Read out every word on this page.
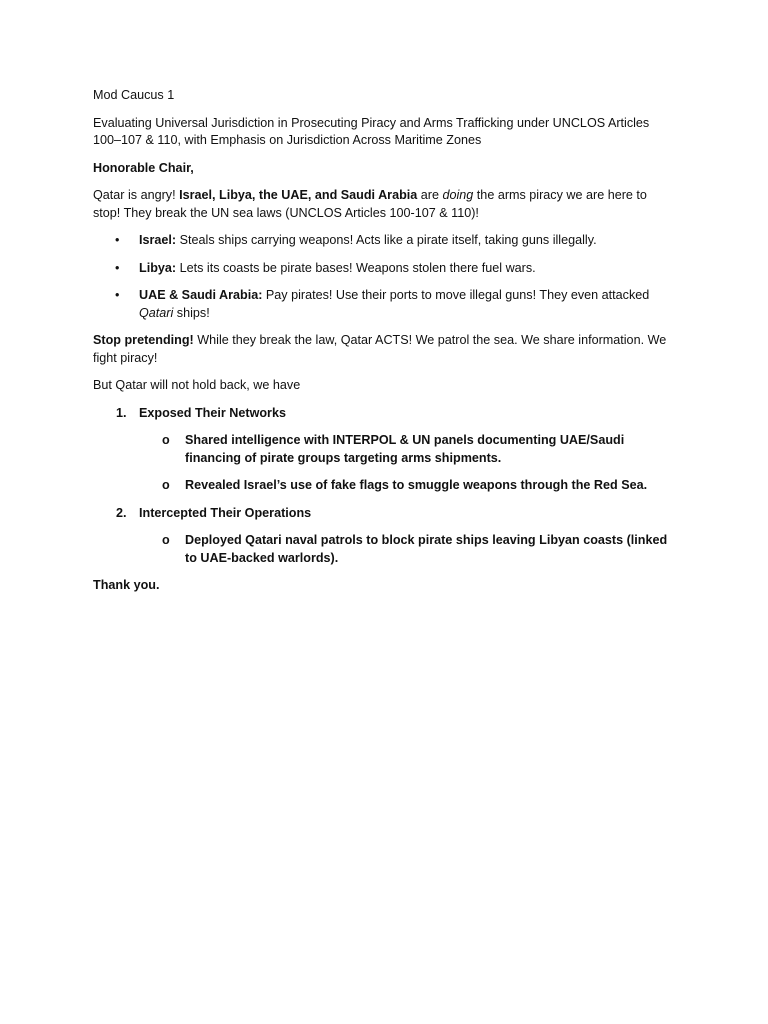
Mod Caucus 1

Evaluating Universal Jurisdiction in Prosecuting Piracy and Arms Trafficking under UNCLOS Articles 100–107 & 110, with Emphasis on Jurisdiction Across Maritime Zones

Honorable Chair,

Qatar is angry! Israel, Libya, the UAE, and Saudi Arabia are doing the arms piracy we are here to stop! They break the UN sea laws (UNCLOS Articles 100-107 & 110)!

• Israel: Steals ships carrying weapons! Acts like a pirate itself, taking guns illegally.
• Libya: Lets its coasts be pirate bases! Weapons stolen there fuel wars.
• UAE & Saudi Arabia: Pay pirates! Use their ports to move illegal guns! They even attacked Qatari ships!

Stop pretending! While they break the law, Qatar ACTS! We patrol the sea. We share information. We fight piracy!

But Qatar will not hold back, we have

1. Exposed Their Networks
o Shared intelligence with INTERPOL & UN panels documenting UAE/Saudi financing of pirate groups targeting arms shipments.
o Revealed Israel’s use of fake flags to smuggle weapons through the Red Sea.
2. Intercepted Their Operations
o Deployed Qatari naval patrols to block pirate ships leaving Libyan coasts (linked to UAE-backed warlords).

Thank you.
